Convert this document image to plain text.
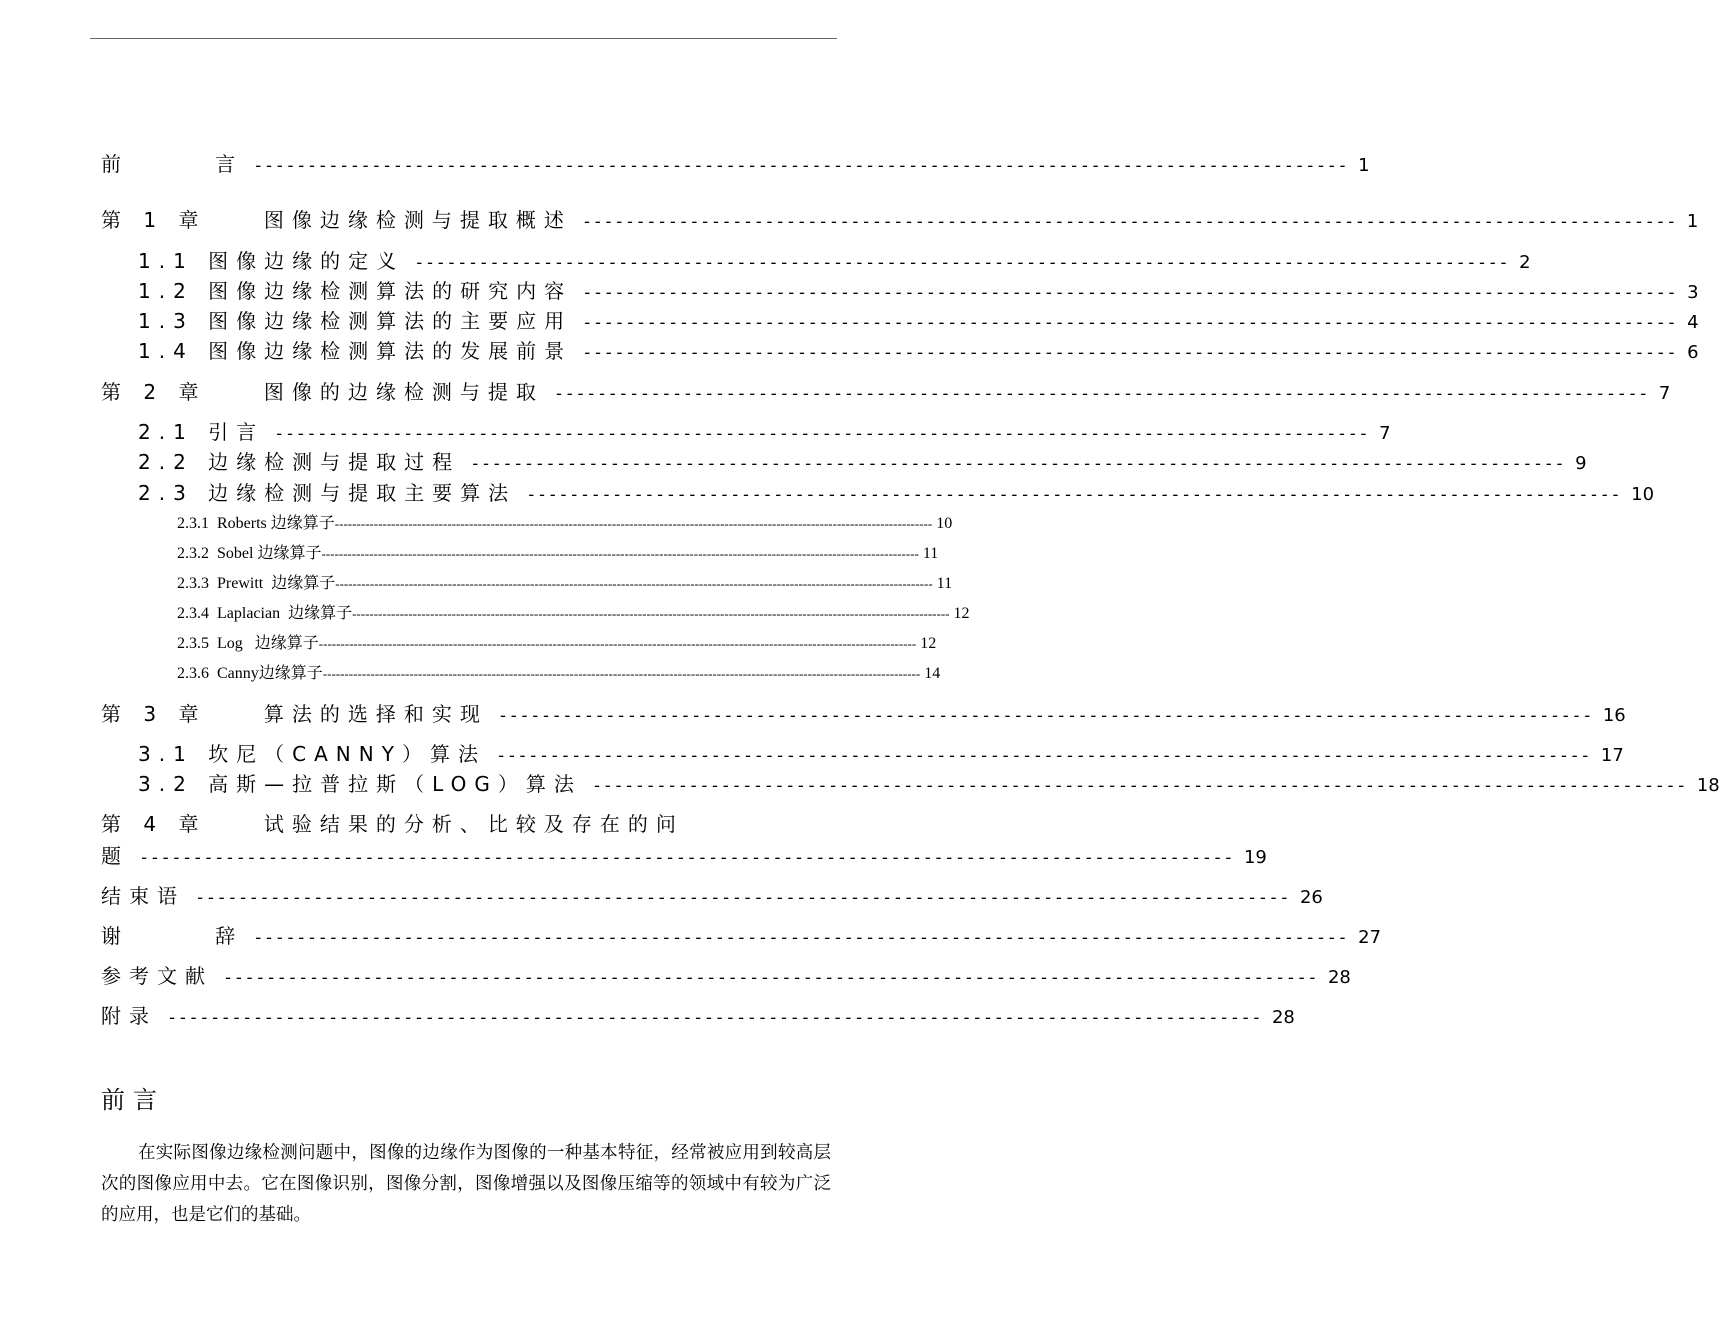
前      言 ------------------------------------------------------------------------------------------------------ 1
第 1 章    图像边缘检测与提取概述 ------------------------------------------------------------------------------------------------------ 1
1.1 图像边缘的定义 ------------------------------------------------------------------------------------------------------ 2
1.2 图像边缘检测算法的研究内容 ------------------------------------------------------------------------------------------------------ 3
1.3 图像边缘检测算法的主要应用 ------------------------------------------------------------------------------------------------------ 4
1.4 图像边缘检测算法的发展前景 ------------------------------------------------------------------------------------------------------ 6
第 2 章    图像的边缘检测与提取 ------------------------------------------------------------------------------------------------------ 7
2.1 引言 ------------------------------------------------------------------------------------------------------ 7
2.2 边缘检测与提取过程 ------------------------------------------------------------------------------------------------------ 9
2.3 边缘检测与提取主要算法 ------------------------------------------------------------------------------------------------------ 10
2.3.1  Roberts 边缘算子 ------------------------------------------------------------------------------------------------------------------------------------------ 10
2.3.2  Sobel 边缘算子 ------------------------------------------------------------------------------------------------------------------------------------------ 11
2.3.3  Prewitt  边缘算子 ------------------------------------------------------------------------------------------------------------------------------------------ 11
2.3.4  Laplacian  边缘算子 ------------------------------------------------------------------------------------------------------------------------------------------ 12
2.3.5  Log   边缘算子 ------------------------------------------------------------------------------------------------------------------------------------------ 12
2.3.6  Canny边缘算子 ------------------------------------------------------------------------------------------------------------------------------------------ 14
第 3 章    算法的选择和实现 ------------------------------------------------------------------------------------------------------ 16
3.1 坎尼（CANNY）算法 ------------------------------------------------------------------------------------------------------ 17
3.2 高斯—拉普拉斯（LOG）算法 ------------------------------------------------------------------------------------------------------ 18
第 4 章    试验结果的分析、比较及存在的问
题 ------------------------------------------------------------------------------------------------------ 19
结束语 ------------------------------------------------------------------------------------------------------ 26
谢      辞 ------------------------------------------------------------------------------------------------------ 27
参考文献 ------------------------------------------------------------------------------------------------------ 28
附录 ------------------------------------------------------------------------------------------------------ 28
前言

在实际图像边缘检测问题中，图像的边缘作为图像的一种基本特征，经常被应用到较高层次的图像应用中去。它在图像识别，图像分割，图像增强以及图像压缩等的领域中有较为广泛的应用，也是它们的基础。
